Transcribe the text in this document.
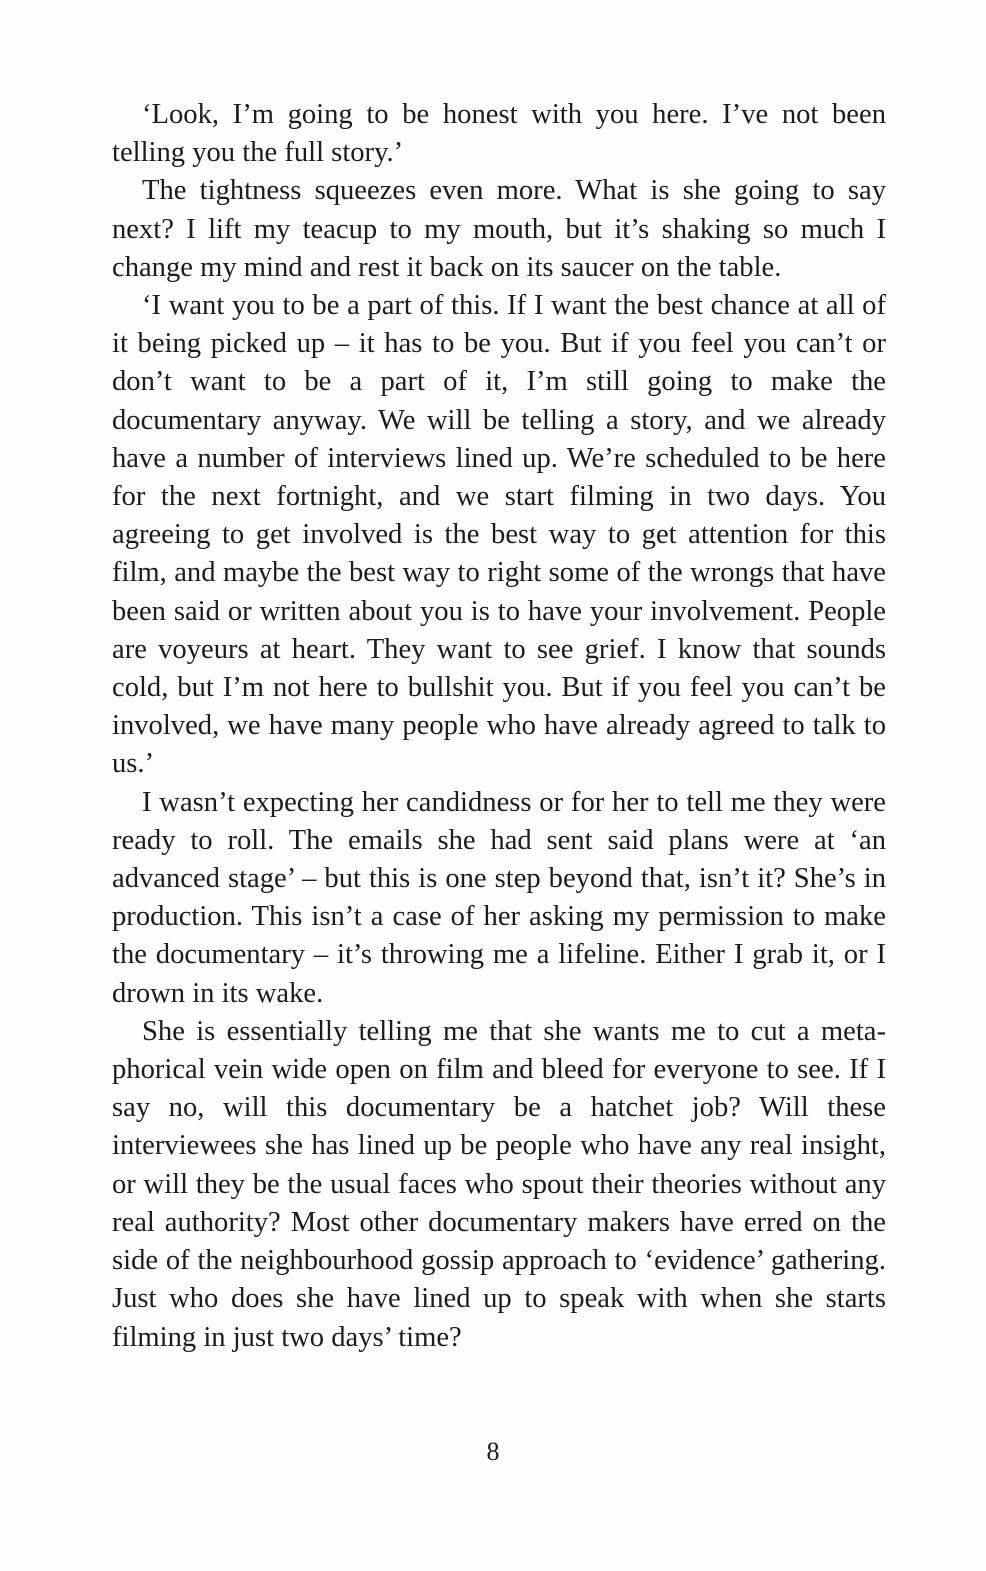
‘Look, I’m going to be honest with you here. I’ve not been telling you the full story.’

The tightness squeezes even more. What is she going to say next? I lift my teacup to my mouth, but it’s shaking so much I change my mind and rest it back on its saucer on the table.

‘I want you to be a part of this. If I want the best chance at all of it being picked up – it has to be you. But if you feel you can’t or don’t want to be a part of it, I’m still going to make the documentary anyway. We will be telling a story, and we already have a number of interviews lined up. We’re scheduled to be here for the next fortnight, and we start filming in two days. You agreeing to get involved is the best way to get attention for this film, and maybe the best way to right some of the wrongs that have been said or written about you is to have your involvement. People are voyeurs at heart. They want to see grief. I know that sounds cold, but I’m not here to bullshit you. But if you feel you can’t be involved, we have many people who have already agreed to talk to us.’

I wasn’t expecting her candidness or for her to tell me they were ready to roll. The emails she had sent said plans were at ‘an advanced stage’ – but this is one step beyond that, isn’t it? She’s in production. This isn’t a case of her asking my permission to make the documentary – it’s throwing me a lifeline. Either I grab it, or I drown in its wake.

She is essentially telling me that she wants me to cut a metaphorical vein wide open on film and bleed for everyone to see. If I say no, will this documentary be a hatchet job? Will these interviewees she has lined up be people who have any real insight, or will they be the usual faces who spout their theories without any real authority? Most other documentary makers have erred on the side of the neighbourhood gossip approach to ‘evidence’ gathering. Just who does she have lined up to speak with when she starts filming in just two days’ time?

8
